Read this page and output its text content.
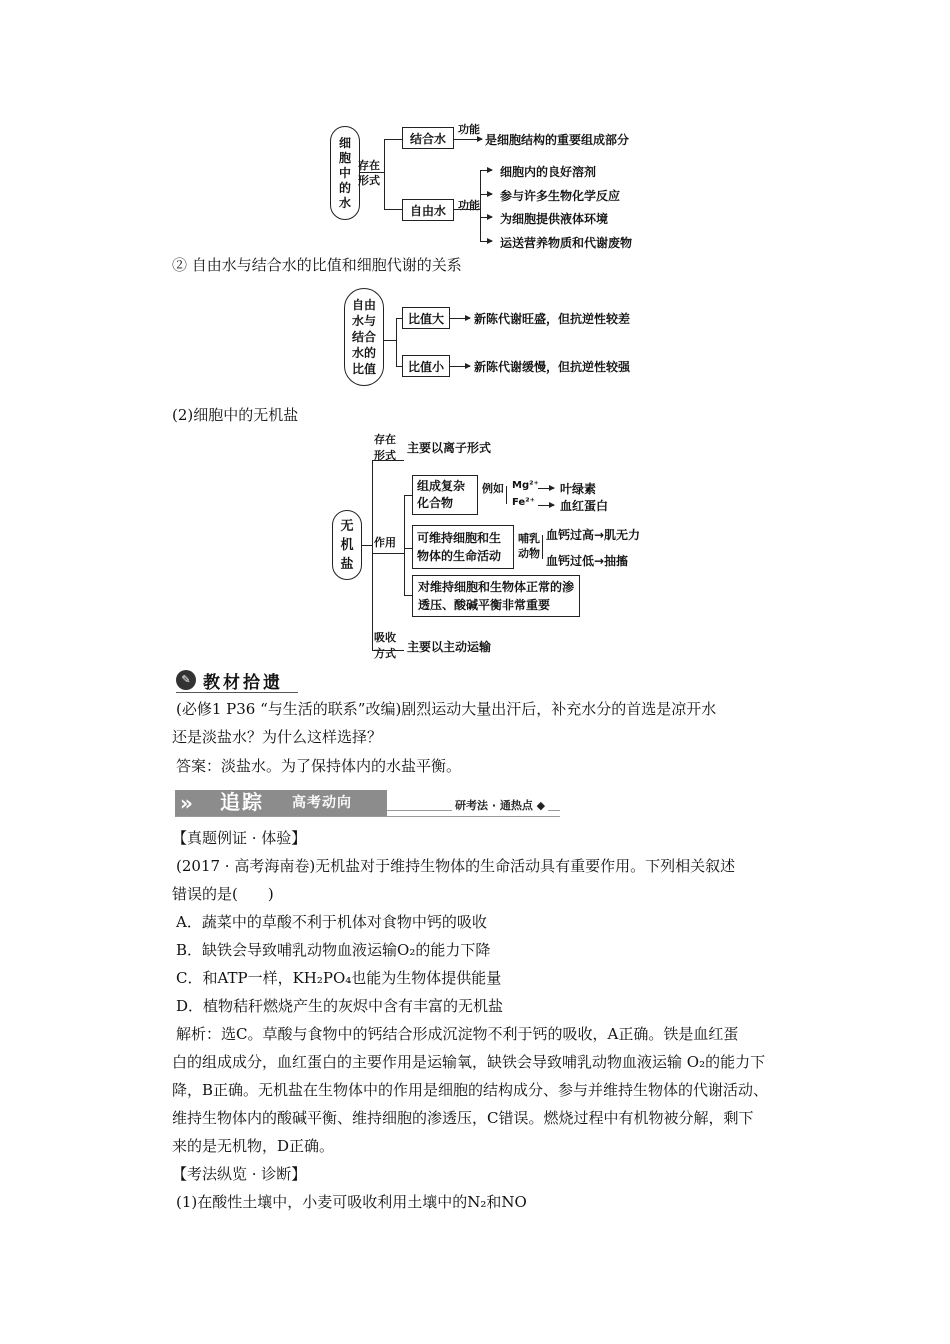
细胞中的水
存在形式
结合水
功能
是细胞结构的重要组成部分
自由水 功能
细胞内的良好溶剂
参与许多生物化学反应
为细胞提供液体环境
运送营养物质和代谢废物
② 自由水与结合水的比值和细胞代谢的关系
自由水与结合水的比值
比值大	新陈代谢旺盛，但抗逆性较差
比值小	新陈代谢缓慢，但抗逆性较强
(2)细胞中的无机盐
无机盐
存在形式
主要以离子形式
作用
组成复杂化合物
例如 Mg²⁺ 叶绿素
Fe²⁺ 血红蛋白
可维持细胞和生物体的生命活动
哺乳动物
血钙过高→肌无力
血钙过低→抽搐
对维持细胞和生物体正常的渗透压、酸碱平衡非常重要
吸收方式 主要以主动运输
✎ 教材拾遗
(必修1 P36 “与生活的联系”改编)剧烈运动大量出汗后，补充水分的首选是凉开水
还是淡盐水？为什么这样选择？
答案：淡盐水。为了保持体内的水盐平衡。
» 追踪 高考动向	研考法 · 通热点 ◆
【真题例证 · 体验】
(2017 · 高考海南卷)无机盐对于维持生物体的生命活动具有重要作用。下列相关叙述
错误的是(　　)
A．蔬菜中的草酸不利于机体对食物中钙的吸收
B．缺铁会导致哺乳动物血液运输O₂的能力下降
C．和ATP一样，KH₂PO₄也能为生物体提供能量
D．植物秸秆燃烧产生的灰烬中含有丰富的无机盐
解析：选C。草酸与食物中的钙结合形成沉淀物不利于钙的吸收，A正确。铁是血红蛋
白的组成成分，血红蛋白的主要作用是运输氧，缺铁会导致哺乳动物血液运输 O₂的能力下
降，B正确。无机盐在生物体中的作用是细胞的结构成分、参与并维持生物体的代谢活动、
维持生物体内的酸碱平衡、维持细胞的渗透压，C错误。燃烧过程中有机物被分解，剩下
来的是无机物，D正确。
【考法纵览 · 诊断】
(1)在酸性土壤中，小麦可吸收利用土壤中的N₂和NO
